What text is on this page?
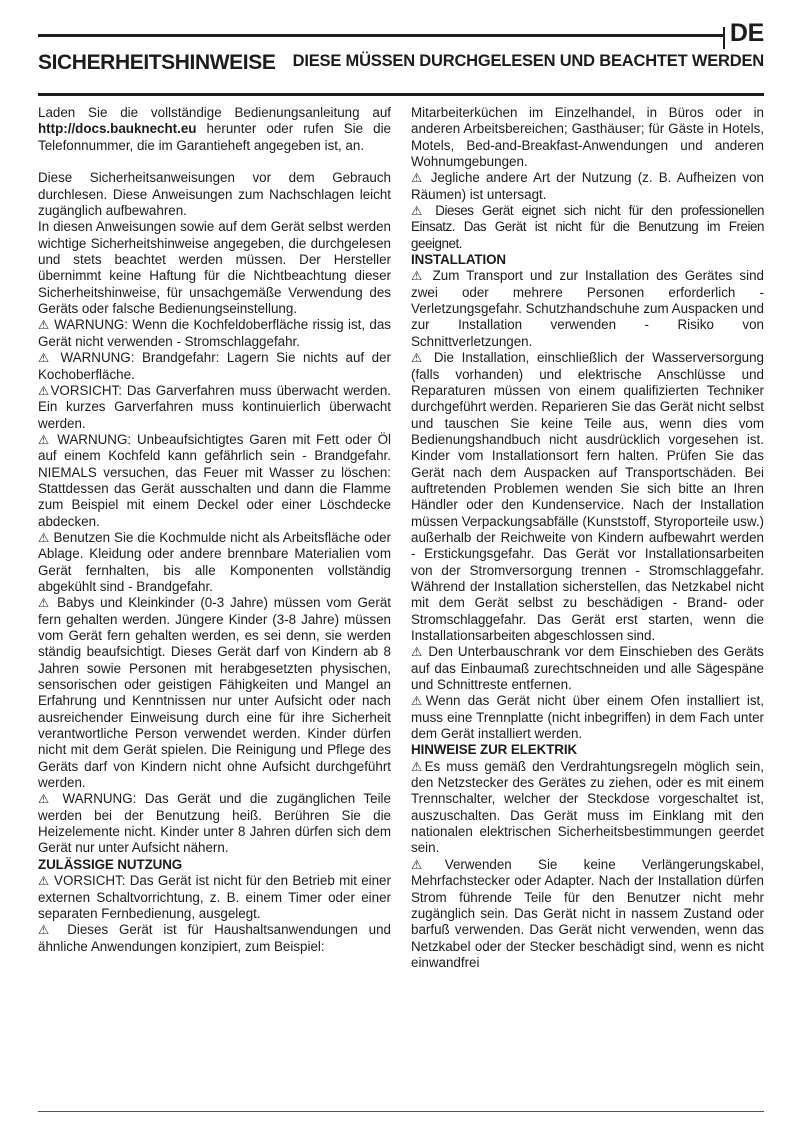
DE
SICHERHEITSHINWEISE	DIESE MÜSSEN DURCHGELESEN UND BEACHTET WERDEN

Laden Sie die vollständige Bedienungsanleitung auf http://docs.bauknecht.eu herunter oder rufen Sie die Telefonnummer, die im Garantieheft angegeben ist, an.

Diese Sicherheitsanweisungen vor dem Gebrauch durchlesen. Diese Anweisungen zum Nachschlagen leicht zugänglich aufbewahren.

In diesen Anweisungen sowie auf dem Gerät selbst werden wichtige Sicherheitshinweise angegeben, die durchgelesen und stets beachtet werden müssen. Der Hersteller übernimmt keine Haftung für die Nichtbeachtung dieser Sicherheitshinweise, für unsachgemäße Verwendung des Geräts oder falsche Bedienungseinstellung.

⚠ WARNUNG: Wenn die Kochfeldoberfläche rissig ist, das Gerät nicht verwenden - Stromschlaggefahr.

⚠ WARNUNG: Brandgefahr: Lagern Sie nichts auf der Kochoberfläche.

⚠VORSICHT: Das Garverfahren muss überwacht werden. Ein kurzes Garverfahren muss kontinuierlich überwacht werden.

⚠ WARNUNG: Unbeaufsichtigtes Garen mit Fett oder Öl auf einem Kochfeld kann gefährlich sein - Brandgefahr. NIEMALS versuchen, das Feuer mit Wasser zu löschen: Stattdessen das Gerät ausschalten und dann die Flamme zum Beispiel mit einem Deckel oder einer Löschdecke abdecken.

⚠ Benutzen Sie die Kochmulde nicht als Arbeitsfläche oder Ablage. Kleidung oder andere brennbare Materialien vom Gerät fernhalten, bis alle Komponenten vollständig abgekühlt sind - Brandgefahr.

⚠ Babys und Kleinkinder (0-3 Jahre) müssen vom Gerät fern gehalten werden. Jüngere Kinder (3-8 Jahre) müssen vom Gerät fern gehalten werden, es sei denn, sie werden ständig beaufsichtigt. Dieses Gerät darf von Kindern ab 8 Jahren sowie Personen mit herabgesetzten physischen, sensorischen oder geistigen Fähigkeiten und Mangel an Erfahrung und Kenntnissen nur unter Aufsicht oder nach ausreichender Einweisung durch eine für ihre Sicherheit verantwortliche Person verwendet werden. Kinder dürfen nicht mit dem Gerät spielen. Die Reinigung und Pflege des Geräts darf von Kindern nicht ohne Aufsicht durchgeführt werden.

⚠ WARNUNG: Das Gerät und die zugänglichen Teile werden bei der Benutzung heiß. Berühren Sie die Heizelemente nicht. Kinder unter 8 Jahren dürfen sich dem Gerät nur unter Aufsicht nähern.

ZULÄSSIGE NUTZUNG

⚠ VORSICHT: Das Gerät ist nicht für den Betrieb mit einer externen Schaltvorrichtung, z. B. einem Timer oder einer separaten Fernbedienung, ausgelegt.

⚠ Dieses Gerät ist für Haushaltsanwendungen und ähnliche Anwendungen konzipiert, zum Beispiel:

Mitarbeiterküchen im Einzelhandel, in Büros oder in anderen Arbeitsbereichen; Gasthäuser; für Gäste in Hotels, Motels, Bed-and-Breakfast-Anwendungen und anderen Wohnumgebungen.

⚠ Jegliche andere Art der Nutzung (z. B. Aufheizen von Räumen) ist untersagt.

⚠ Dieses Gerät eignet sich nicht für den professionellen Einsatz. Das Gerät ist nicht für die Benutzung im Freien geeignet.

INSTALLATION

⚠ Zum Transport und zur Installation des Gerätes sind zwei oder mehrere Personen erforderlich - Verletzungsgefahr. Schutzhandschuhe zum Auspacken und zur Installation verwenden - Risiko von Schnittverletzungen.

⚠ Die Installation, einschließlich der Wasserversorgung (falls vorhanden) und elektrische Anschlüsse und Reparaturen müssen von einem qualifizierten Techniker durchgeführt werden. Reparieren Sie das Gerät nicht selbst und tauschen Sie keine Teile aus, wenn dies vom Bedienungshandbuch nicht ausdrücklich vorgesehen ist. Kinder vom Installationsort fern halten. Prüfen Sie das Gerät nach dem Auspacken auf Transportschäden. Bei auftretenden Problemen wenden Sie sich bitte an Ihren Händler oder den Kundenservice. Nach der Installation müssen Verpackungsabfälle (Kunststoff, Styroporteile usw.) außerhalb der Reichweite von Kindern aufbewahrt werden - Erstickungsgefahr. Das Gerät vor Installationsarbeiten von der Stromversorgung trennen - Stromschlaggefahr. Während der Installation sicherstellen, das Netzkabel nicht mit dem Gerät selbst zu beschädigen - Brand- oder Stromschlaggefahr. Das Gerät erst starten, wenn die Installationsarbeiten abgeschlossen sind.

⚠ Den Unterbauschrank vor dem Einschieben des Geräts auf das Einbaumaß zurechtschneiden und alle Sägespäne und Schnittreste entfernen.

⚠Wenn das Gerät nicht über einem Ofen installiert ist, muss eine Trennplatte (nicht inbegriffen) in dem Fach unter dem Gerät installiert werden.

HINWEISE ZUR ELEKTRIK

⚠Es muss gemäß den Verdrahtungsregeln möglich sein, den Netzstecker des Gerätes zu ziehen, oder es mit einem Trennschalter, welcher der Steckdose vorgeschaltet ist, auszuschalten. Das Gerät muss im Einklang mit den nationalen elektrischen Sicherheitsbestimmungen geerdet sein.

⚠Verwenden Sie keine Verlängerungskabel, Mehrfachstecker oder Adapter. Nach der Installation dürfen Strom führende Teile für den Benutzer nicht mehr zugänglich sein. Das Gerät nicht in nassem Zustand oder barfuß verwenden. Das Gerät nicht verwenden, wenn das Netzkabel oder der Stecker beschädigt sind, wenn es nicht einwandfrei
